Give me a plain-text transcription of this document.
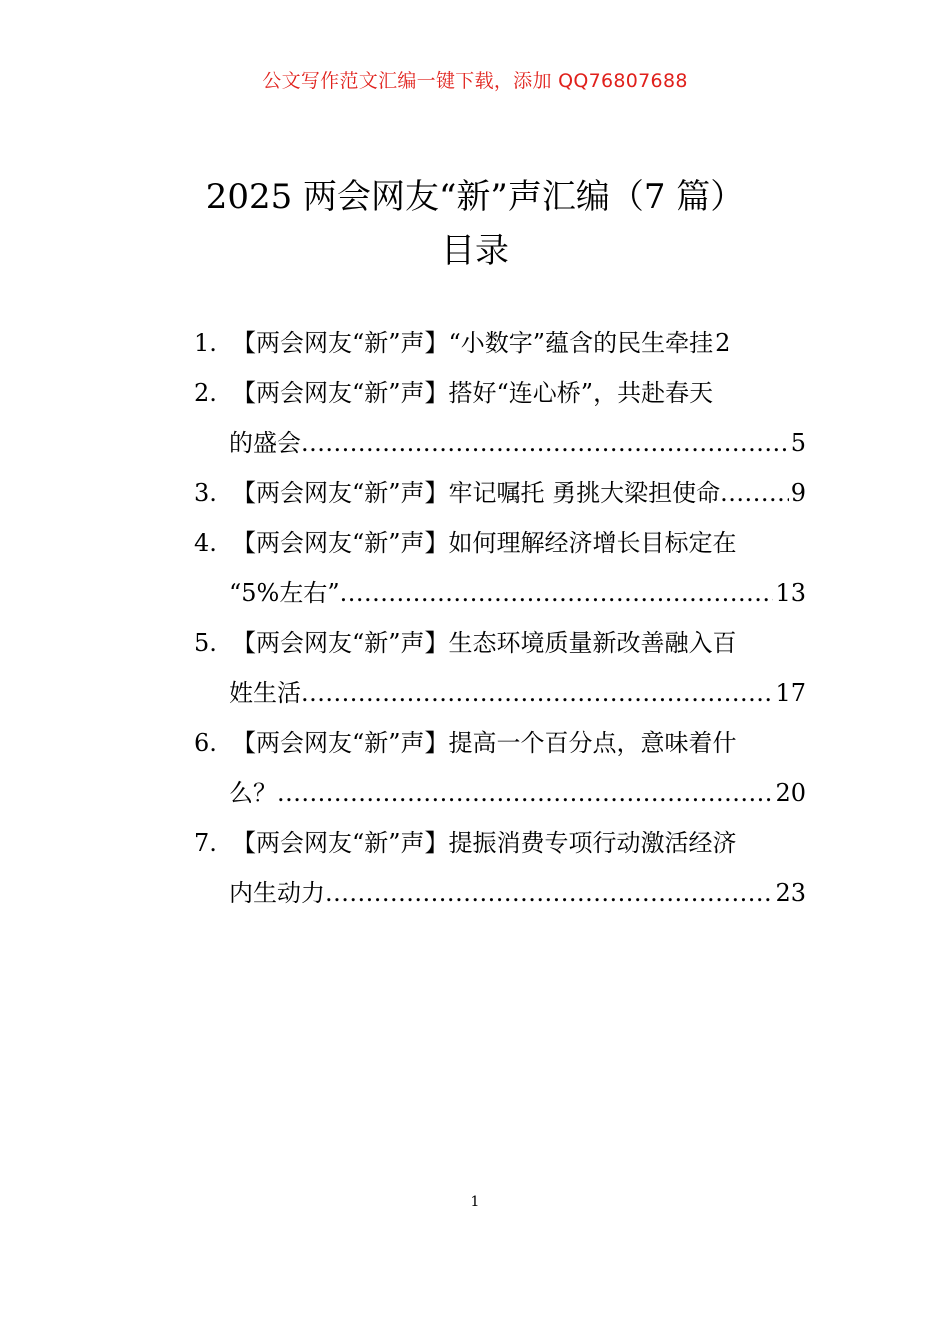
公文写作范文汇编一键下载，添加 QQ76807688
2025 两会网友“新”声汇编（7 篇）
目录
1. 【两会网友“新”声】“小数字”蕴含的民生牵挂 2
2. 【两会网友“新”声】搭好“连心桥”，共赴春天
的盛会 .....	5
3. 【两会网友“新”声】牢记嘱托 勇挑大梁担使命 .....	9
4. 【两会网友“新”声】如何理解经济增长目标定在
“5%左右” .....	13
5. 【两会网友“新”声】生态环境质量新改善融入百
姓生活 .....	17
6. 【两会网友“新”声】提高一个百分点，意味着什
么？ .....	20
7. 【两会网友“新”声】提振消费专项行动激活经济
内生动力 .....	23
1
